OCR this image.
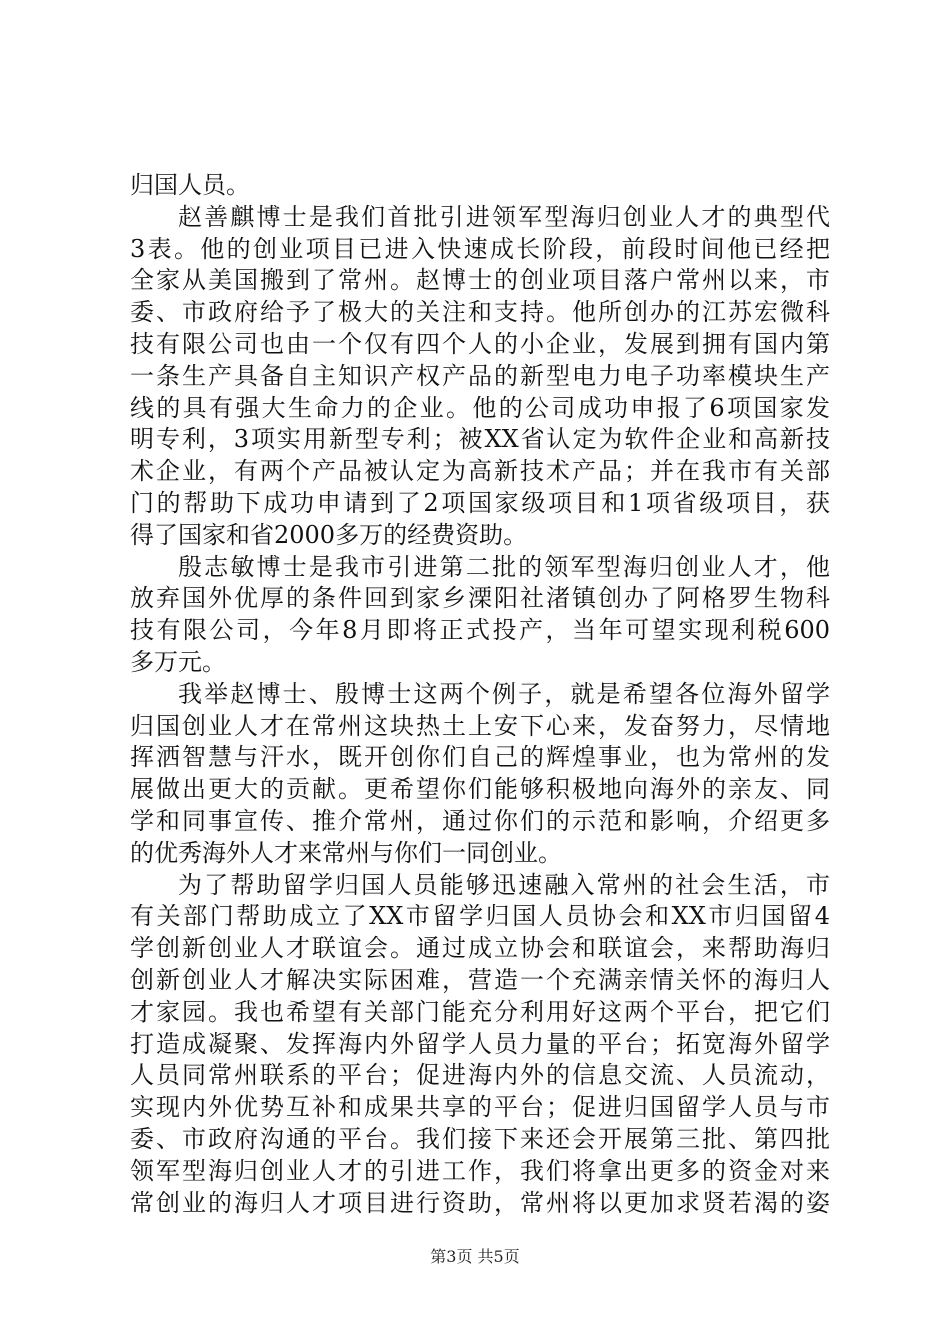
归国人员。
赵善麒博士是我们首批引进领军型海归创业人才的典型代
3表。他的创业项目已进入快速成长阶段，前段时间他已经把
全家从美国搬到了常州。赵博士的创业项目落户常州以来，市
委、市政府给予了极大的关注和支持。他所创办的江苏宏微科
技有限公司也由一个仅有四个人的小企业，发展到拥有国内第
一条生产具备自主知识产权产品的新型电力电子功率模块生产
线的具有强大生命力的企业。他的公司成功申报了6项国家发
明专利，3项实用新型专利；被XX省认定为软件企业和高新技
术企业，有两个产品被认定为高新技术产品；并在我市有关部
门的帮助下成功申请到了2项国家级项目和1项省级项目，获
得了国家和省2000多万的经费资助。
殷志敏博士是我市引进第二批的领军型海归创业人才，他
放弃国外优厚的条件回到家乡溧阳社渚镇创办了阿格罗生物科
技有限公司，今年8月即将正式投产，当年可望实现利税600
多万元。
我举赵博士、殷博士这两个例子，就是希望各位海外留学
归国创业人才在常州这块热土上安下心来，发奋努力，尽情地
挥洒智慧与汗水，既开创你们自己的辉煌事业，也为常州的发
展做出更大的贡献。更希望你们能够积极地向海外的亲友、同
学和同事宣传、推介常州，通过你们的示范和影响，介绍更多
的优秀海外人才来常州与你们一同创业。
为了帮助留学归国人员能够迅速融入常州的社会生活，市
有关部门帮助成立了XX市留学归国人员协会和XX市归国留4
学创新创业人才联谊会。通过成立协会和联谊会，来帮助海归
创新创业人才解决实际困难，营造一个充满亲情关怀的海归人
才家园。我也希望有关部门能充分利用好这两个平台，把它们
打造成凝聚、发挥海内外留学人员力量的平台；拓宽海外留学
人员同常州联系的平台；促进海内外的信息交流、人员流动，
实现内外优势互补和成果共享的平台；促进归国留学人员与市
委、市政府沟通的平台。我们接下来还会开展第三批、第四批
领军型海归创业人才的引进工作，我们将拿出更多的资金对来
常创业的海归人才项目进行资助，常州将以更加求贤若渴的姿
第3页 共5页
